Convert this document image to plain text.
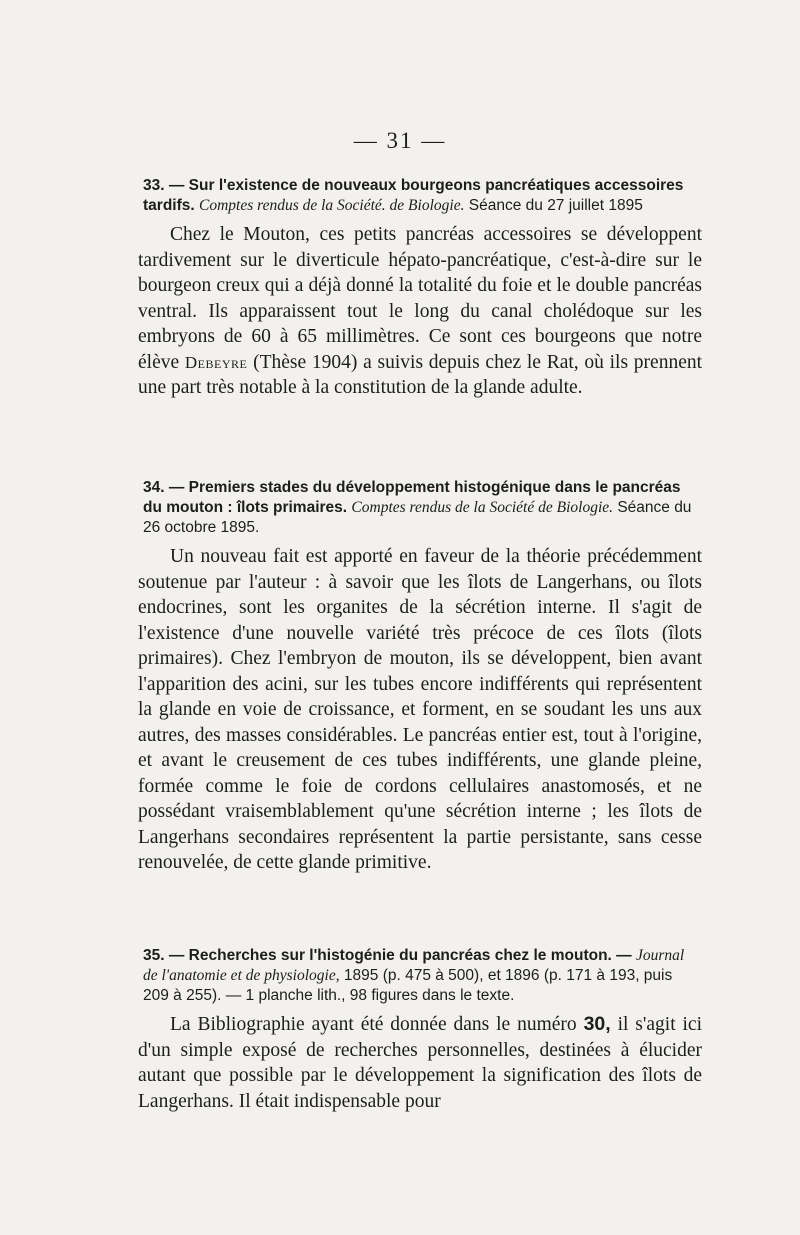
— 31 —
33. — Sur l'existence de nouveaux bourgeons pancréatiques accessoires tardifs. Comptes rendus de la Société. de Biologie. Séance du 27 juillet 1895
Chez le Mouton, ces petits pancréas accessoires se développent tardivement sur le diverticule hépato-pancréatique, c'est-à-dire sur le bourgeon creux qui a déjà donné la totalité du foie et le double pancréas ventral. Ils apparaissent tout le long du canal cholédoque sur les embryons de 60 à 65 millimètres. Ce sont ces bourgeons que notre élève Debeyre (Thèse 1904) a suivis depuis chez le Rat, où ils prennent une part très notable à la constitution de la glande adulte.
34. — Premiers stades du développement histogénique dans le pancréas du mouton : îlots primaires. Comptes rendus de la Société de Biologie. Séance du 26 octobre 1895.
Un nouveau fait est apporté en faveur de la théorie précédemment soutenue par l'auteur : à savoir que les îlots de Langerhans, ou îlots endocrines, sont les organites de la sécrétion interne. Il s'agit de l'existence d'une nouvelle variété très précoce de ces îlots (îlots primaires). Chez l'embryon de mouton, ils se développent, bien avant l'apparition des acini, sur les tubes encore indifférents qui représentent la glande en voie de croissance, et forment, en se soudant les uns aux autres, des masses considérables. Le pancréas entier est, tout à l'origine, et avant le creusement de ces tubes indifférents, une glande pleine, formée comme le foie de cordons cellulaires anastomosés, et ne possédant vraisemblablement qu'une sécrétion interne ; les îlots de Langerhans secondaires représentent la partie persistante, sans cesse renouvelée, de cette glande primitive.
35. — Recherches sur l'histogénie du pancréas chez le mouton. — Journal de l'anatomie et de physiologie, 1895 (p. 475 à 500), et 1896 (p. 171 à 193, puis 209 à 255). — 1 planche lith., 98 figures dans le texte.
La Bibliographie ayant été donnée dans le numéro 30, il s'agit ici d'un simple exposé de recherches personnelles, destinées à élucider autant que possible par le développement la signification des îlots de Langerhans. Il était indispensable pour
